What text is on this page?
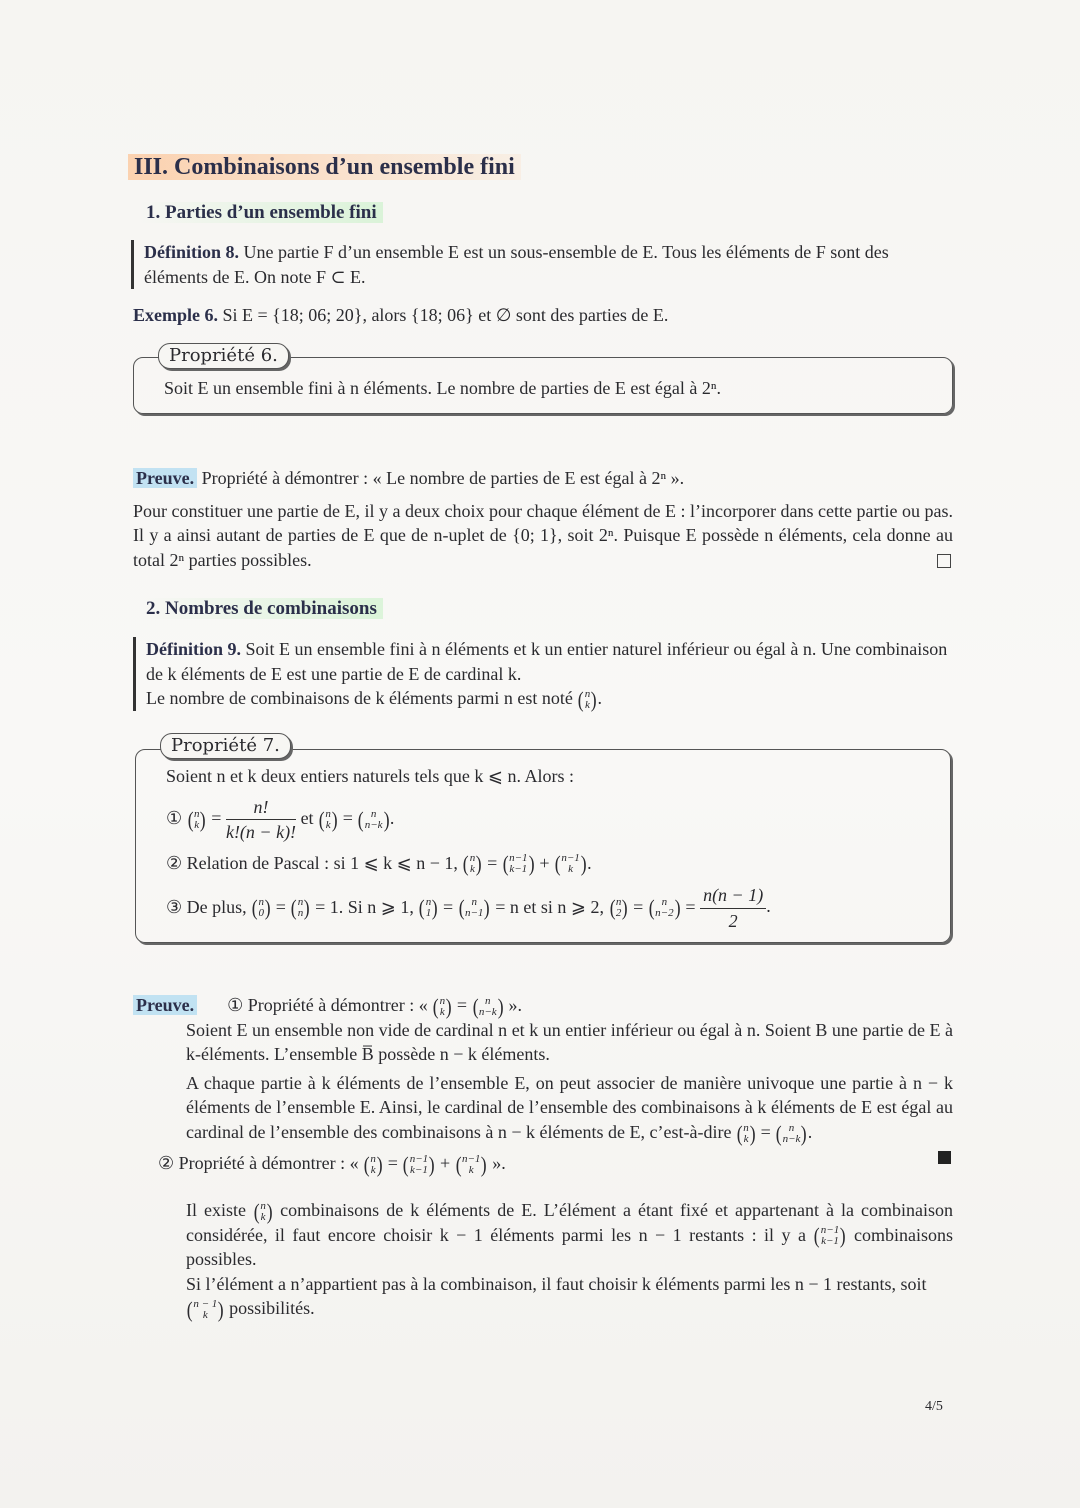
III. Combinaisons d’un ensemble fini
1. Parties d’un ensemble fini
Définition 8. Une partie F d’un ensemble E est un sous-ensemble de E. Tous les éléments de F sont des éléments de E. On note F ⊂ E.
Exemple 6. Si E = {18; 06; 20}, alors {18; 06} et ∅ sont des parties de E.
Soit E un ensemble fini à n éléments. Le nombre de parties de E est égal à 2ⁿ.
Propriété 6.
Preuve. Propriété à démontrer : « Le nombre de parties de E est égal à 2ⁿ ».
Pour constituer une partie de E, il y a deux choix pour chaque élément de E : l’incorporer dans cette partie ou pas. Il y a ainsi autant de parties de E que de n-uplet de {0; 1}, soit 2ⁿ. Puisque E possède n éléments, cela donne au total 2ⁿ parties possibles.
2. Nombres de combinaisons
Définition 9. Soit E un ensemble fini à n éléments et k un entier naturel inférieur ou égal à n. Une combinaison de k éléments de E est une partie de E de cardinal k.
Le nombre de combinaisons de k éléments parmi n est noté ( n
k ) .
Soient n et k deux entiers naturels tels que k ⩽ n. Alors :
① ( n
k ) = $\frac{n!}{k!(n - k)!}$ et ( n
k ) = ( n
n−k ) .
② Relation de Pascal : si 1 ⩽ k ⩽ n − 1, ( n
k ) = ( n−1
k−1 ) + ( n−1
k ) .
③ De plus, ( n
0 ) = ( n
n ) = 1. Si n ⩾ 1, ( n
1 ) = ( n
n−1 ) = n et si n ⩾ 2, ( n
2 ) = ( n
n−2 ) = $\frac{n(n - 1)}{2}$ .
Propriété 7.
Preuve. ① Propriété à démontrer : « ( n
k ) = ( n
n−k ) ».
Soient E un ensemble non vide de cardinal n et k un entier inférieur ou égal à n. Soient B une partie de E à k-éléments. L’ensemble B̅ possède n − k éléments.
A chaque partie à k éléments de l’ensemble E, on peut associer de manière univoque une partie à n − k éléments de l’ensemble E. Ainsi, le cardinal de l’ensemble des combinaisons à k éléments de E est égal au cardinal de l’ensemble des combinaisons à n − k éléments de E, c’est-à-dire ( n
k ) = ( n
n−k ) .
② Propriété à démontrer : « ( n
k ) = ( n−1
k−1 ) + ( n−1
k ) ».
Il existe ( n
k ) combinaisons de k éléments de E. L’élément a étant fixé et appartenant à la combinaison considérée, il faut encore choisir k − 1 éléments parmi les n − 1 restants : il y a ( n−1
k−1 ) combinaisons possibles.
Si l’élément a n’appartient pas à la combinaison, il faut choisir k éléments parmi les n − 1 restants, soit
( n − 1
k ) possibilités.
4/5
